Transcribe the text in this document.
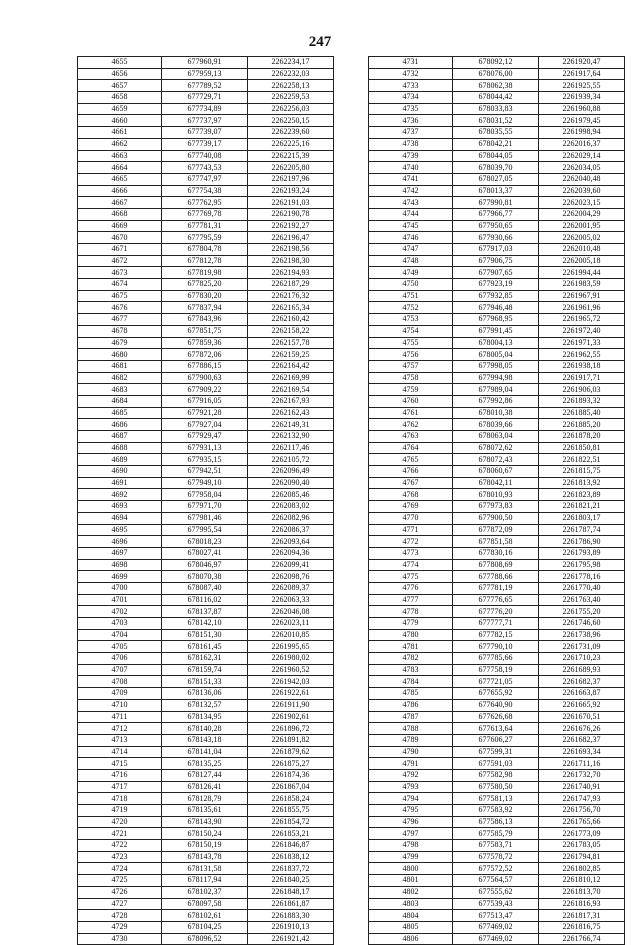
247
4655	677960,91	2262234,17
4656	677959,13	2262232,03
4657	677789,52	2262258,13
4658	677729,71	2262259,53
4659	677734,89	2262256,03
4660	677737,97	2262250,15
4661	677739,07	2262239,60
4662	677739,17	2262225,16
4663	677740,08	2262215,39
4664	677743,53	2262205,80
4665	677747,97	2262197,96
4666	677754,38	2262193,24
4667	677762,95	2262191,03
4668	677769,78	2262190,78
4669	677781,31	2262192,27
4670	677795,59	2262196,47
4671	677804,78	2262198,56
4672	677812,78	2262198,30
4673	677819,98	2262194,93
4674	677825,20	2262187,29
4675	677830,20	2262176,32
4676	677837,94	2262165,34
4677	677843,96	2262160,42
4678	677851,75	2262158,22
4679	677859,36	2262157,78
4680	677872,06	2262159,25
4681	677886,15	2262164,42
4682	677900,63	2262169,99
4683	677909,22	2262169,54
4684	677916,05	2262167,93
4685	677921,28	2262162,43
4686	677927,04	2262149,31
4687	677929,47	2262132,90
4688	677931,13	2262117,46
4689	677935,15	2262105,72
4690	677942,51	2262096,49
4691	677949,10	2262090,40
4692	677958,04	2262085,46
4693	677971,70	2262083,02
4694	677981,46	2262082,96
4695	677995,54	2262086,37
4696	678018,23	2262093,64
4697	678027,41	2262094,36
4698	678046,97	2262099,41
4699	678070,38	2262098,76
4700	678087,40	2262089,37
4701	678116,02	2262063,33
4702	678137,87	2262046,08
4703	678142,10	2262023,11
4704	678151,30	2262010,85
4705	678161,45	2261995,65
4706	678162,31	2261980,02
4707	678159,74	2261960,52
4708	678151,33	2261942,03
4709	678136,06	2261922,61
4710	678132,57	2261911,90
4711	678134,95	2261902,61
4712	678140,28	2261896,72
4713	678143,18	2261891,82
4714	678141,04	2261879,62
4715	678135,25	2261875,27
4716	678127,44	2261874,36
4717	678126,41	2261867,04
4718	678128,79	2261858,24
4719	678135,61	2261855,75
4720	678143,90	2261854,72
4721	678150,24	2261853,21
4722	678150,19	2261846,87
4723	678143,78	2261838,12
4724	678131,58	2261837,72
4725	678117,94	2261840,25
4726	678102,37	2261848,17
4727	678097,58	2261861,87
4728	678102,61	2261883,30
4729	678104,25	2261910,13
4730	678096,52	2261921,42
4731	678092,12	2261920,47
4732	678076,00	2261917,64
4733	678062,38	2261925,55
4734	678044,42	2261939,34
4735	678033,83	2261960,88
4736	678031,52	2261979,45
4737	678035,55	2261998,94
4738	678042,21	2262016,37
4739	678044,05	2262029,14
4740	678039,70	2262034,05
4741	678027,05	2262040,48
4742	678013,37	2262039,60
4743	677990,81	2262023,15
4744	677966,77	2262004,29
4745	677950,65	2262001,95
4746	677930,66	2262005,02
4747	677917,03	2262010,48
4748	677906,75	2262005,18
4749	677907,65	2261994,44
4750	677923,19	2261983,59
4751	677932,85	2261967,91
4752	677946,48	2261961,96
4753	677968,95	2261965,72
4754	677991,45	2261972,40
4755	678004,13	2261971,33
4756	678005,04	2261962,55
4757	677998,05	2261938,18
4758	677994,98	2261917,71
4759	677989,04	2261906,03
4760	677992,86	2261893,32
4761	678010,38	2261885,40
4762	678039,66	2261885,20
4763	678063,04	2261878,20
4764	678072,62	2261850,81
4765	678072,43	2261822,51
4766	678060,67	2261815,75
4767	678042,11	2261813,92
4768	678010,93	2261823,89
4769	677973,83	2261821,21
4770	677900,50	2261803,17
4771	677872,09	2261787,74
4772	677851,58	2261786,90
4773	677830,16	2261793,89
4774	677808,69	2261795,98
4775	677788,66	2261778,16
4776	677781,19	2261770,40
4777	677776,65	2261763,40
4778	677776,20	2261755,20
4779	677777,71	2261746,60
4780	677782,15	2261738,96
4781	677790,10	2261731,09
4782	677785,66	2261710,23
4783	677758,19	2261689,93
4784	677721,05	2261682,37
4785	677655,92	2261663,87
4786	677640,90	2261665,92
4787	677626,68	2261670,51
4788	677613,64	2261676,26
4789	677606,27	2261682,37
4790	677599,31	2261693,34
4791	677591,03	2261711,16
4792	677582,98	2261732,70
4793	677580,50	2261740,91
4794	677581,13	2261747,93
4795	677583,92	2261756,70
4796	677586,13	2261765,66
4797	677585,79	2261773,09
4798	677583,71	2261783,05
4799	677578,72	2261794,81
4800	677572,52	2261802,85
4801	677564,57	2261810,12
4802	677555,62	2261813,70
4803	677539,43	2261816,93
4804	677513,47	2261817,31
4805	677469,02	2261816,75
4806	677469,02	2261766,74
